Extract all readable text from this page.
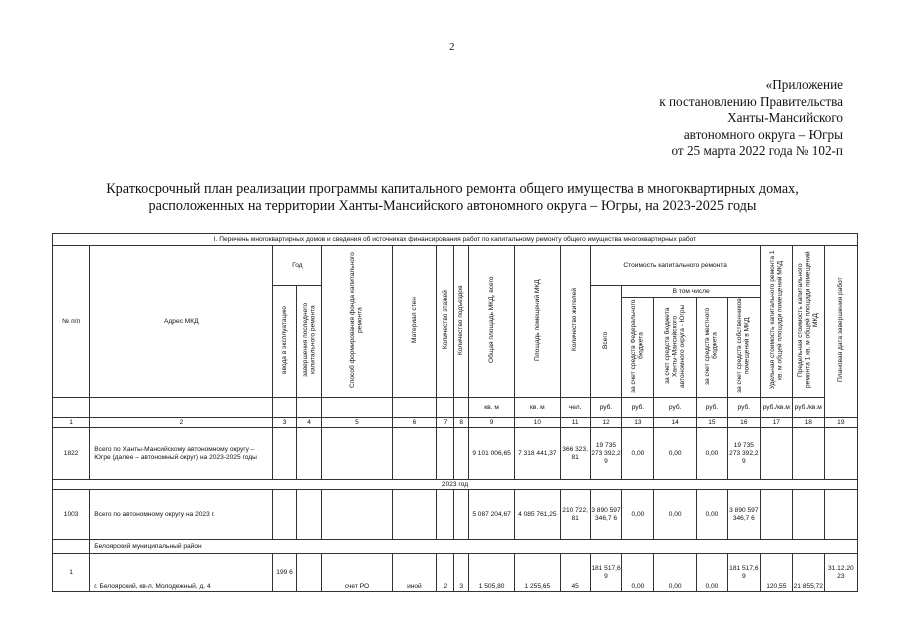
2
«Приложение
к постановлению Правительства
Ханты-Мансийского
автономного округа – Югры
от 25 марта 2022 года № 102-п
Краткосрочный план реализации программы капитального ремонта общего имущества в многоквартирных домах,
расположенных на территории Ханты-Мансийского автономного округа – Югры, на 2023-2025 годы
I. Перечень многоквартирных домов и сведения об источниках финансирования работ по капитальному ремонту общего имущества многоквартирных работ																		
№ п/п	Адрес МКД	Год		Способ формирования фонда капитального ремонта	Материал стен	Количество этажей	Количество подъездов	Общая площадь МКД, всего	Площадь помещений МКД	Количество жителей	Стоимость капитального ремонта					Удельная стоимость капитального ремонта 1 кв. м общей площади помещений МКД	Предельная стоимость капитального ремонта 1 кв. м общей площади помещений МКД	Плановая дата завершения работ
		ввода в эксплуатацию	завершения последнего капитального ремонта								Всего	В том числе						
												за счет средств Федерального бюджета	за счет средств бюджета Ханты-Мансийского автономного округа - Югры	за счет средств местного бюджета	за счет средств собственников помещений в МКД			
								кв. м	кв. м	чел.	руб.	руб.	руб.	руб.	руб.	руб./кв.м	руб./кв.м	
1	2	3	4	5	6	7	8	9	10	11	12	13	14	15	16	17	18	19
1822	Всего по Ханты-Мансийскому автономному округу – Югре (далее – автономный округ) на 2023-2025 годы							9 101 006,65	7 318 441,37	366 323, 81	19 735 273 392,2 9	0,00	0,00	0,00	19 735 273 392,2 9			
2023 год																		
1003	Всего по автономному округу на 2023 г.							5 087 204,67	4 085 761,25	210 722, 81	3 890 597 346,7 6	0,00	0,00	0,00	3 890 597 346,7 6			
	Белоярский муниципальный район																	
1	г. Белоярский, кв-л. Молодежный, д. 4	199 6		счет РО	иной	2	3	1 505,80	1 255,65	45	181 517,6 9	0,00	0,00	0,00	181 517,6 9	120,55	21 855,72	31.12.20 23
